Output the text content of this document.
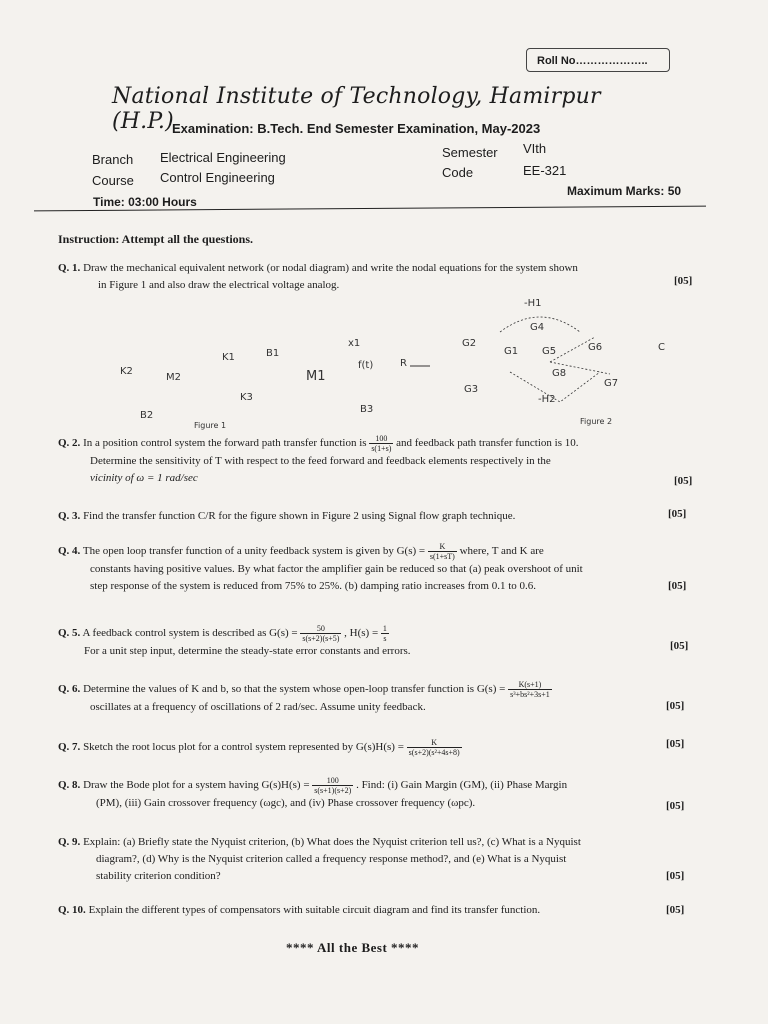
Roll No………………..
National Institute of Technology, Hamirpur (H.P.)
Examination: B.Tech. End Semester Examination, May-2023
Branch Electrical Engineering
Course Control Engineering
Semester VIth
Code	EE-321
Time: 03:00 Hours
Maximum Marks: 50
Instruction: Attempt all the questions.
Q. 1. Draw the mechanical equivalent network (or nodal diagram) and write the nodal equations for the system shown
in Figure 1 and also draw the electrical voltage analog.	[05]
K2
M2
B2
K1
K3
B1
M1
x1
f(t)
B3
Figure 1
R
G2
G1
G3
-H1
G4
G5	G6
G7
G8
-H2
C
Figure 2
Q. 2. In a position control system the forward path transfer function is $\frac{100}{s(1+s)}$ and feedback path transfer function is 10.
Determine the sensitivity of T with respect to the feed forward and feedback elements respectively in the
vicinity of ω = 1 rad/sec	[05]
Q. 3. Find the transfer function C/R for the figure shown in Figure 2 using Signal flow graph technique.	[05]
Q. 4. The open loop transfer function of a unity feedback system is given by $G(s) = \frac{K}{s(1+sT)}$ where, T and K are
constants having positive values. By what factor the amplifier gain be reduced so that (a) peak overshoot of unit
step response of the system is reduced from 75% to 25%. (b) damping ratio increases from 0.1 to 0.6.	[05]
Q. 5. A feedback control system is described as $G(s) = \frac{50}{s(s+2)(s+5)}$ , $H(s) = \frac{1}{s}$

For a unit step input, determine the steady-state error constants and errors.	[05]
Q. 6. Determine the values of K and b, so that the system whose open-loop transfer function is $G(s) = \frac{K(s+1)}{\text{s³+bs²+3s+1}}$

oscillates at a frequency of oscillations of 2 rad/sec. Assume unity feedback.	[05]
Q. 7. Sketch the root locus plot for a control system represented by $G(s)H(s) = \frac{K}{\text{s(s+2)(s²+4s+8)}}$	[05]
Q. 8. Draw the Bode plot for a system having $G(s)H(s) = \frac{100}{s(s+1)(s+2)}$ . Find: (i) Gain Margin (GM), (ii) Phase Margin
(PM), (iii) Gain crossover frequency (ωgc), and (iv) Phase crossover frequency (ωpc).	[05]
Q. 9. Explain: (a) Briefly state the Nyquist criterion, (b) What does the Nyquist criterion tell us?, (c) What is a Nyquist
diagram?, (d) Why is the Nyquist criterion called a frequency response method?, and (e) What is a Nyquist
stability criterion condition?	[05]
Q. 10. Explain the different types of compensators with suitable circuit diagram and find its transfer function.	[05]
**** All the Best ****
